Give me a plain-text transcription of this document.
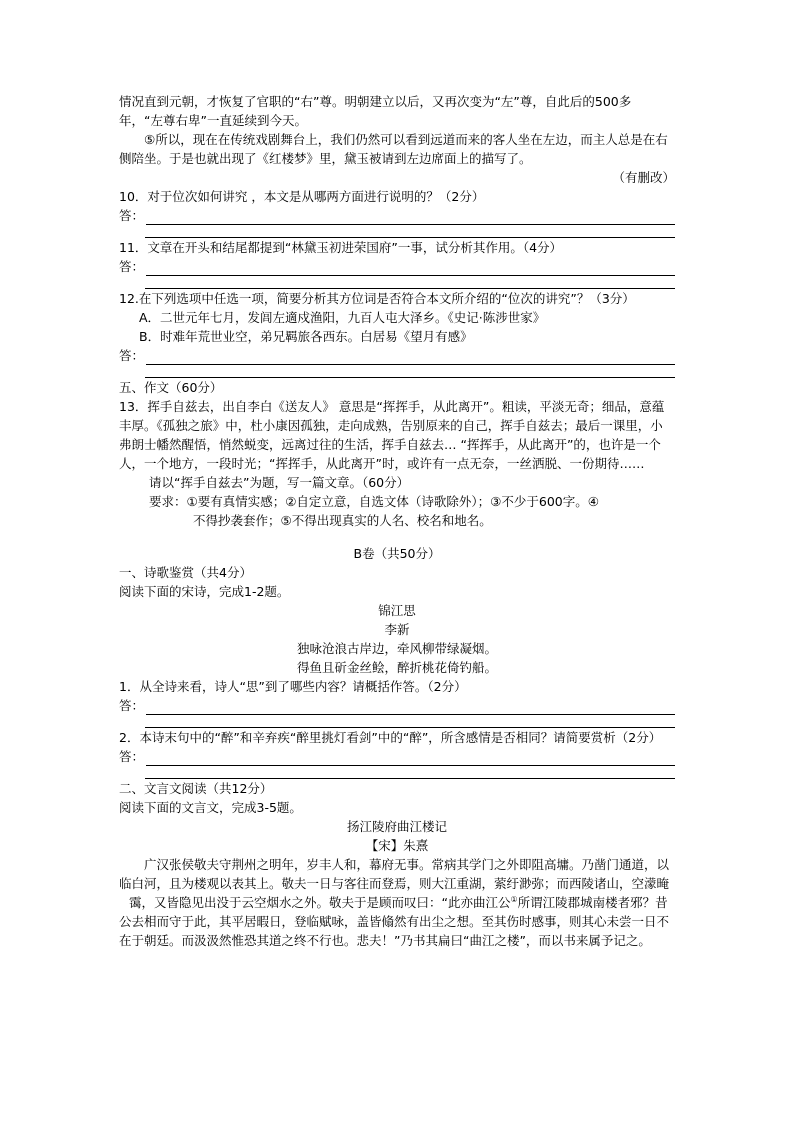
情况直到元朝，才恢复了官职的“右”尊。明朝建立以后，又再次变为“左”尊，自此后的500多年，“左尊右卑”一直延续到今天。

⑤所以，现在在传统戏剧舞台上，我们仍然可以看到远道而来的客人坐在左边，而主人总是在右侧陪坐。于是也就出现了《红楼梦》里，黛玉被请到左边席面上的描写了。

（有删改）

10．对于位次如何讲究 ，本文是从哪两方面进行说明的？（2分）

答：

11．文章在开头和结尾都提到“林黛玉初进荣国府”一事，试分析其作用。（4分）

答：

12.在下列选项中任选一项，简要分析其方位词是否符合本文所介绍的“位次的讲究”？（3分）

A．二世元年七月，发闾左適戍渔阳，九百人屯大泽乡。《史记·陈涉世家》

B．时难年荒世业空，弟兄羁旅各西东。白居易《望月有感》

答：

五、作文（60分）

13．挥手自兹去，出自李白《送友人》 意思是“挥挥手，从此离开”。粗读，平淡无奇；细品，意蕴丰厚。《孤独之旅》中，杜小康因孤独，走向成熟，告别原来的自己，挥手自兹去；最后一课里，小弗朗士幡然醒悟，悄然蜕变，远离过往的生活，挥手自兹去… “挥挥手，从此离开”的，也许是一个人，一个地方，一段时光；“挥挥手，从此离开”时，或许有一点无奈，一丝洒脱、一份期待……

请以“挥手自兹去”为题，写一篇文章。（60分）

要求：①要有真情实感；②自定立意，自选文体（诗歌除外）；③不少于600字。④

不得抄袭套作；⑤不得出现真实的人名、校名和地名。

B卷（共50分）

一、诗歌鉴赏（共4分）

阅读下面的宋诗，完成1-2题。

锦江思

李新

独咏沧浪古岸边，牵风柳带绿凝烟。

得鱼且斫金丝鲙，醉折桃花倚钓船。

1．从全诗来看，诗人“思”到了哪些内容？请概括作答。（2分）

答：

2．本诗末句中的“醉”和辛弃疾“醉里挑灯看剑”中的“醉”，所含感情是否相同？请简要赏析（2分）

答：

二、文言文阅读（共12分）

阅读下面的文言文，完成3-5题。

扬江陵府曲江楼记

【宋】朱熹

广汉张侯敬夫守荆州之明年，岁丰人和，幕府无事。常病其学门之外即阻高墉。乃凿门通道，以临白河，且为楼观以表其上。敬夫一日与客往而登焉，则大江重湖，萦纡渺弥；而西陵诸山，空濛晻霭，又皆隐见出没于云空烟水之外。敬夫于是顾而叹曰：“此亦曲江公①所谓江陵郡城南楼者邪？昔公去相而守于此，其平居暇日，登临赋咏，盖皆翛然有出尘之想。至其伤时感事，则其心未尝一日不在于朝廷。而汲汲然惟恐其道之终不行也。悲夫！”乃书其扁曰“曲江之楼”，而以书来属予记之。
